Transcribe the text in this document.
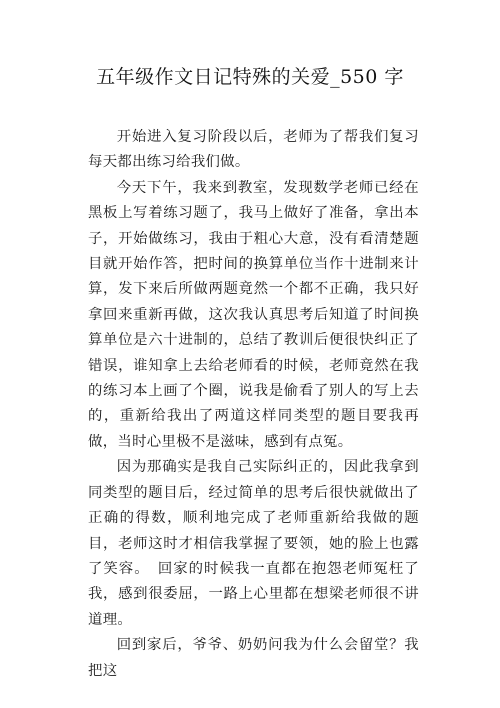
五年级作文日记特殊的关爱_550 字

开始进入复习阶段以后，老师为了帮我们复习每天都出练习给我们做。

今天下午，我来到教室，发现数学老师已经在黑板上写着练习题了，我马上做好了准备，拿出本子，开始做练习，我由于粗心大意，没有看清楚题目就开始作答，把时间的换算单位当作十进制来计算，发下来后所做两题竟然一个都不正确，我只好拿回来重新再做，这次我认真思考后知道了时间换算单位是六十进制的，总结了教训后便很快纠正了错误，谁知拿上去给老师看的时候，老师竟然在我的练习本上画了个圈，说我是偷看了别人的写上去的，重新给我出了两道这样同类型的题目要我再做，当时心里极不是滋味，感到有点冤。

因为那确实是我自己实际纠正的，因此我拿到同类型的题目后，经过简单的思考后很快就做出了正确的得数，顺利地完成了老师重新给我做的题目，老师这时才相信我掌握了要领，她的脸上也露了笑容。　回家的时候我一直都在抱怨老师冤枉了我，感到很委屈，一路上心里都在想梁老师很不讲道理。

回到家后，爷爷、奶奶问我为什么会留堂？我把这
